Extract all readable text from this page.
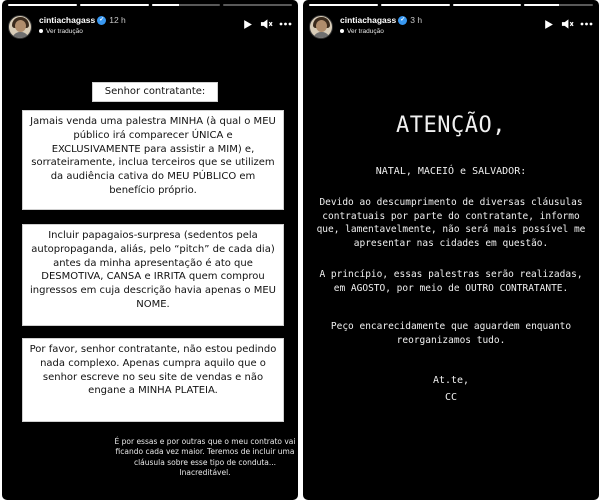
cintiachagass ✓ 12 h
Ver tradução
Senhor contratante:
Jamais venda uma palestra MINHA (à qual o MEU público irá comparecer ÚNICA e EXCLUSIVAMENTE para assistir a MIM) e, sorrateiramente, inclua terceiros que se utilizem da audiência cativa do MEU PÚBLICO em benefício próprio.
Incluir papagaios-surpresa (sedentos pela autopropaganda, aliás, pelo “pitch” de cada dia) antes da minha apresentação é ato que DESMOTIVA, CANSA e IRRITA quem comprou ingressos em cuja descrição havia apenas o MEU NOME.
Por favor, senhor contratante, não estou pedindo nada complexo. Apenas cumpra aquilo que o senhor escreve no seu site de vendas e não engane a MINHA PLATEIA.
É por essas e por outras que o meu contrato vai ficando cada vez maior. Teremos de incluir uma cláusula sobre esse tipo de conduta... Inacreditável.
cintiachagass ✓ 3 h
Ver tradução
ATENÇÃO,
NATAL, MACEIÓ e SALVADOR:
Devido ao descumprimento de diversas cláusulas contratuais por parte do contratante, informo que, lamentavelmente, não será mais possível me apresentar nas cidades em questão.
A princípio, essas palestras serão realizadas, em AGOSTO, por meio de OUTRO CONTRATANTE.
Peço encarecidamente que aguardem enquanto reorganizamos tudo.
At.te,
CC
